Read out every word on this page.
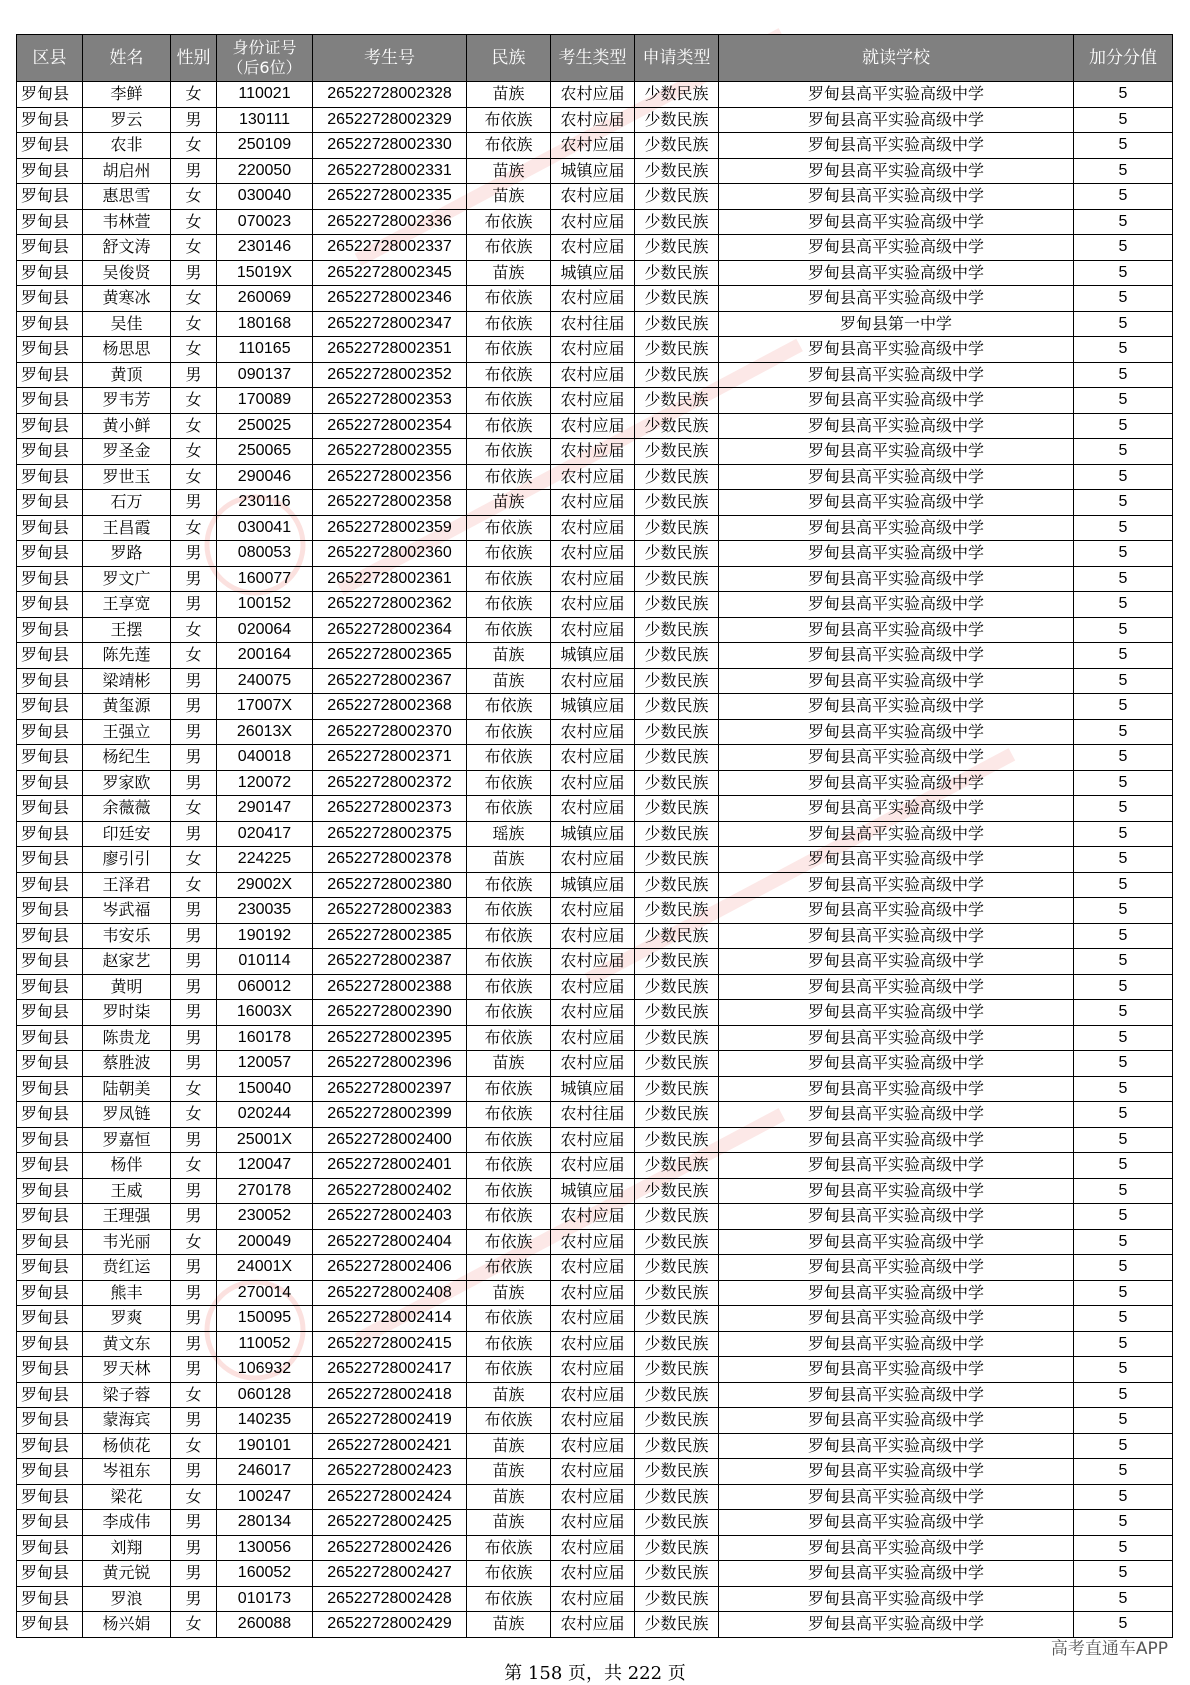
区县	姓名	性别	身份证号
（后6位）	考生号	民族	考生类型	申请类型	就读学校	加分分值
罗甸县	李鲜	女	110021	26522728002328	苗族	农村应届	少数民族	罗甸县高平实验高级中学	5
罗甸县	罗云	男	130111	26522728002329	布依族	农村应届	少数民族	罗甸县高平实验高级中学	5
罗甸县	农非	女	250109	26522728002330	布依族	农村应届	少数民族	罗甸县高平实验高级中学	5
罗甸县	胡启州	男	220050	26522728002331	苗族	城镇应届	少数民族	罗甸县高平实验高级中学	5
罗甸县	惠思雪	女	030040	26522728002335	苗族	农村应届	少数民族	罗甸县高平实验高级中学	5
罗甸县	韦林萱	女	070023	26522728002336	布依族	农村应届	少数民族	罗甸县高平实验高级中学	5
罗甸县	舒文涛	女	230146	26522728002337	布依族	农村应届	少数民族	罗甸县高平实验高级中学	5
罗甸县	吴俊贤	男	15019X	26522728002345	苗族	城镇应届	少数民族	罗甸县高平实验高级中学	5
罗甸县	黄寒冰	女	260069	26522728002346	布依族	农村应届	少数民族	罗甸县高平实验高级中学	5
罗甸县	吴佳	女	180168	26522728002347	布依族	农村往届	少数民族	罗甸县第一中学	5
罗甸县	杨思思	女	110165	26522728002351	布依族	农村应届	少数民族	罗甸县高平实验高级中学	5
罗甸县	黄顶	男	090137	26522728002352	布依族	农村应届	少数民族	罗甸县高平实验高级中学	5
罗甸县	罗韦芳	女	170089	26522728002353	布依族	农村应届	少数民族	罗甸县高平实验高级中学	5
罗甸县	黄小鲜	女	250025	26522728002354	布依族	农村应届	少数民族	罗甸县高平实验高级中学	5
罗甸县	罗圣金	女	250065	26522728002355	布依族	农村应届	少数民族	罗甸县高平实验高级中学	5
罗甸县	罗世玉	女	290046	26522728002356	布依族	农村应届	少数民族	罗甸县高平实验高级中学	5
罗甸县	石万	男	230116	26522728002358	苗族	农村应届	少数民族	罗甸县高平实验高级中学	5
罗甸县	王昌霞	女	030041	26522728002359	布依族	农村应届	少数民族	罗甸县高平实验高级中学	5
罗甸县	罗路	男	080053	26522728002360	布依族	农村应届	少数民族	罗甸县高平实验高级中学	5
罗甸县	罗文广	男	160077	26522728002361	布依族	农村应届	少数民族	罗甸县高平实验高级中学	5
罗甸县	王享宽	男	100152	26522728002362	布依族	农村应届	少数民族	罗甸县高平实验高级中学	5
罗甸县	王摆	女	020064	26522728002364	布依族	农村应届	少数民族	罗甸县高平实验高级中学	5
罗甸县	陈先莲	女	200164	26522728002365	苗族	城镇应届	少数民族	罗甸县高平实验高级中学	5
罗甸县	梁靖彬	男	240075	26522728002367	苗族	农村应届	少数民族	罗甸县高平实验高级中学	5
罗甸县	黄玺源	男	17007X	26522728002368	布依族	城镇应届	少数民族	罗甸县高平实验高级中学	5
罗甸县	王强立	男	26013X	26522728002370	布依族	农村应届	少数民族	罗甸县高平实验高级中学	5
罗甸县	杨纪生	男	040018	26522728002371	布依族	农村应届	少数民族	罗甸县高平实验高级中学	5
罗甸县	罗家欧	男	120072	26522728002372	布依族	农村应届	少数民族	罗甸县高平实验高级中学	5
罗甸县	余薇薇	女	290147	26522728002373	布依族	农村应届	少数民族	罗甸县高平实验高级中学	5
罗甸县	印廷安	男	020417	26522728002375	瑶族	城镇应届	少数民族	罗甸县高平实验高级中学	5
罗甸县	廖引引	女	224225	26522728002378	苗族	农村应届	少数民族	罗甸县高平实验高级中学	5
罗甸县	王泽君	女	29002X	26522728002380	布依族	城镇应届	少数民族	罗甸县高平实验高级中学	5
罗甸县	岑武福	男	230035	26522728002383	布依族	农村应届	少数民族	罗甸县高平实验高级中学	5
罗甸县	韦安乐	男	190192	26522728002385	布依族	农村应届	少数民族	罗甸县高平实验高级中学	5
罗甸县	赵家艺	男	010114	26522728002387	布依族	农村应届	少数民族	罗甸县高平实验高级中学	5
罗甸县	黄明	男	060012	26522728002388	布依族	农村应届	少数民族	罗甸县高平实验高级中学	5
罗甸县	罗时柒	男	16003X	26522728002390	布依族	农村应届	少数民族	罗甸县高平实验高级中学	5
罗甸县	陈贵龙	男	160178	26522728002395	布依族	农村应届	少数民族	罗甸县高平实验高级中学	5
罗甸县	蔡胜波	男	120057	26522728002396	苗族	农村应届	少数民族	罗甸县高平实验高级中学	5
罗甸县	陆朝美	女	150040	26522728002397	布依族	城镇应届	少数民族	罗甸县高平实验高级中学	5
罗甸县	罗凤链	女	020244	26522728002399	布依族	农村往届	少数民族	罗甸县高平实验高级中学	5
罗甸县	罗嘉恒	男	25001X	26522728002400	布依族	农村应届	少数民族	罗甸县高平实验高级中学	5
罗甸县	杨伴	女	120047	26522728002401	布依族	农村应届	少数民族	罗甸县高平实验高级中学	5
罗甸县	王威	男	270178	26522728002402	布依族	城镇应届	少数民族	罗甸县高平实验高级中学	5
罗甸县	王理强	男	230052	26522728002403	布依族	农村应届	少数民族	罗甸县高平实验高级中学	5
罗甸县	韦光丽	女	200049	26522728002404	布依族	农村应届	少数民族	罗甸县高平实验高级中学	5
罗甸县	贲红运	男	24001X	26522728002406	布依族	农村应届	少数民族	罗甸县高平实验高级中学	5
罗甸县	熊丰	男	270014	26522728002408	苗族	农村应届	少数民族	罗甸县高平实验高级中学	5
罗甸县	罗爽	男	150095	26522728002414	布依族	农村应届	少数民族	罗甸县高平实验高级中学	5
罗甸县	黄文东	男	110052	26522728002415	布依族	农村应届	少数民族	罗甸县高平实验高级中学	5
罗甸县	罗天林	男	106932	26522728002417	布依族	农村应届	少数民族	罗甸县高平实验高级中学	5
罗甸县	梁子蓉	女	060128	26522728002418	苗族	农村应届	少数民族	罗甸县高平实验高级中学	5
罗甸县	蒙海宾	男	140235	26522728002419	布依族	农村应届	少数民族	罗甸县高平实验高级中学	5
罗甸县	杨侦花	女	190101	26522728002421	苗族	农村应届	少数民族	罗甸县高平实验高级中学	5
罗甸县	岑祖东	男	246017	26522728002423	苗族	农村应届	少数民族	罗甸县高平实验高级中学	5
罗甸县	梁花	女	100247	26522728002424	苗族	农村应届	少数民族	罗甸县高平实验高级中学	5
罗甸县	李成伟	男	280134	26522728002425	苗族	农村应届	少数民族	罗甸县高平实验高级中学	5
罗甸县	刘翔	男	130056	26522728002426	布依族	农村应届	少数民族	罗甸县高平实验高级中学	5
罗甸县	黄元锐	男	160052	26522728002427	布依族	农村应届	少数民族	罗甸县高平实验高级中学	5
罗甸县	罗浪	男	010173	26522728002428	布依族	农村应届	少数民族	罗甸县高平实验高级中学	5
罗甸县	杨兴娟	女	260088	26522728002429	苗族	农村应届	少数民族	罗甸县高平实验高级中学	5
高考直通车APP
第 158 页，共 222 页
